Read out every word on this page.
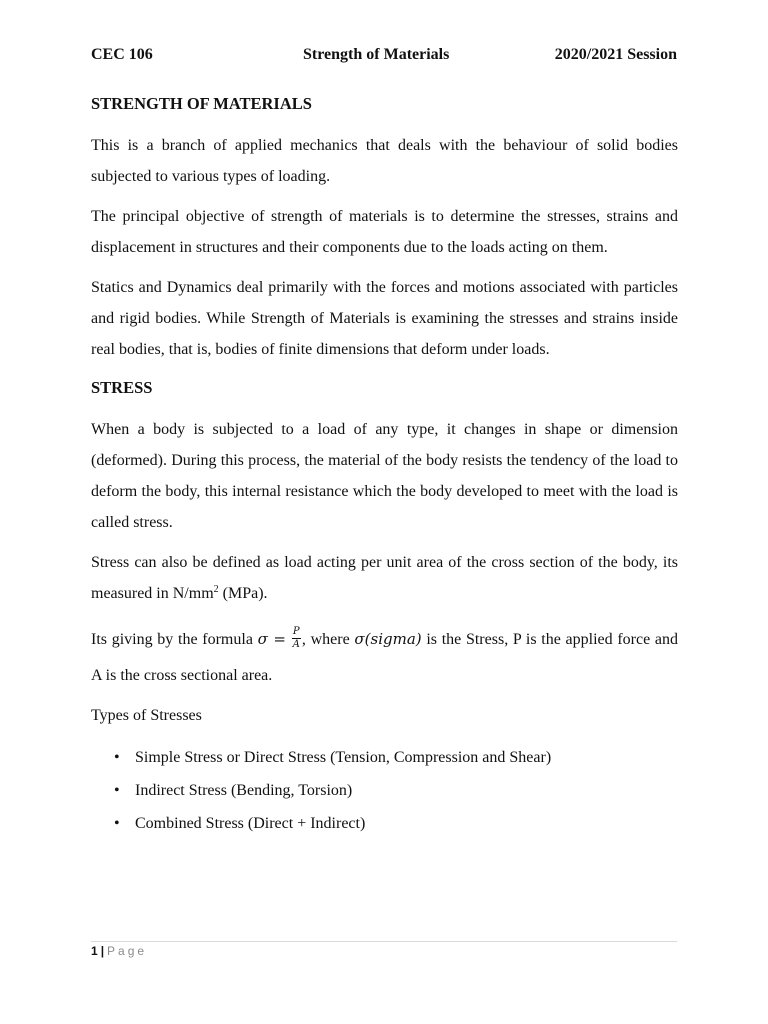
CEC 106	Strength of Materials	2020/2021 Session
STRENGTH OF MATERIALS

This is a branch of applied mechanics that deals with the behaviour of solid bodies subjected to various types of loading.

The principal objective of strength of materials is to determine the stresses, strains and displacement in structures and their components due to the loads acting on them.

Statics and Dynamics deal primarily with the forces and motions associated with particles and rigid bodies. While Strength of Materials is examining the stresses and strains inside real bodies, that is, bodies of finite dimensions that deform under loads.

STRESS

When a body is subjected to a load of any type, it changes in shape or dimension (deformed). During this process, the material of the body resists the tendency of the load to deform the body, this internal resistance which the body developed to meet with the load is called stress.

Stress can also be defined as load acting per unit area of the cross section of the body, its measured in $N/mm^2$ (MPa).

Its giving by the formula $\sigma = \frac{P}{A}$ , where σ(sigma) is the Stress, P is the applied force and A is the cross sectional area.

Types of Stresses

• Simple Stress or Direct Stress (Tension, Compression and Shear)
• Indirect Stress (Bending, Torsion)
• Combined Stress (Direct + Indirect)
1 | Page
